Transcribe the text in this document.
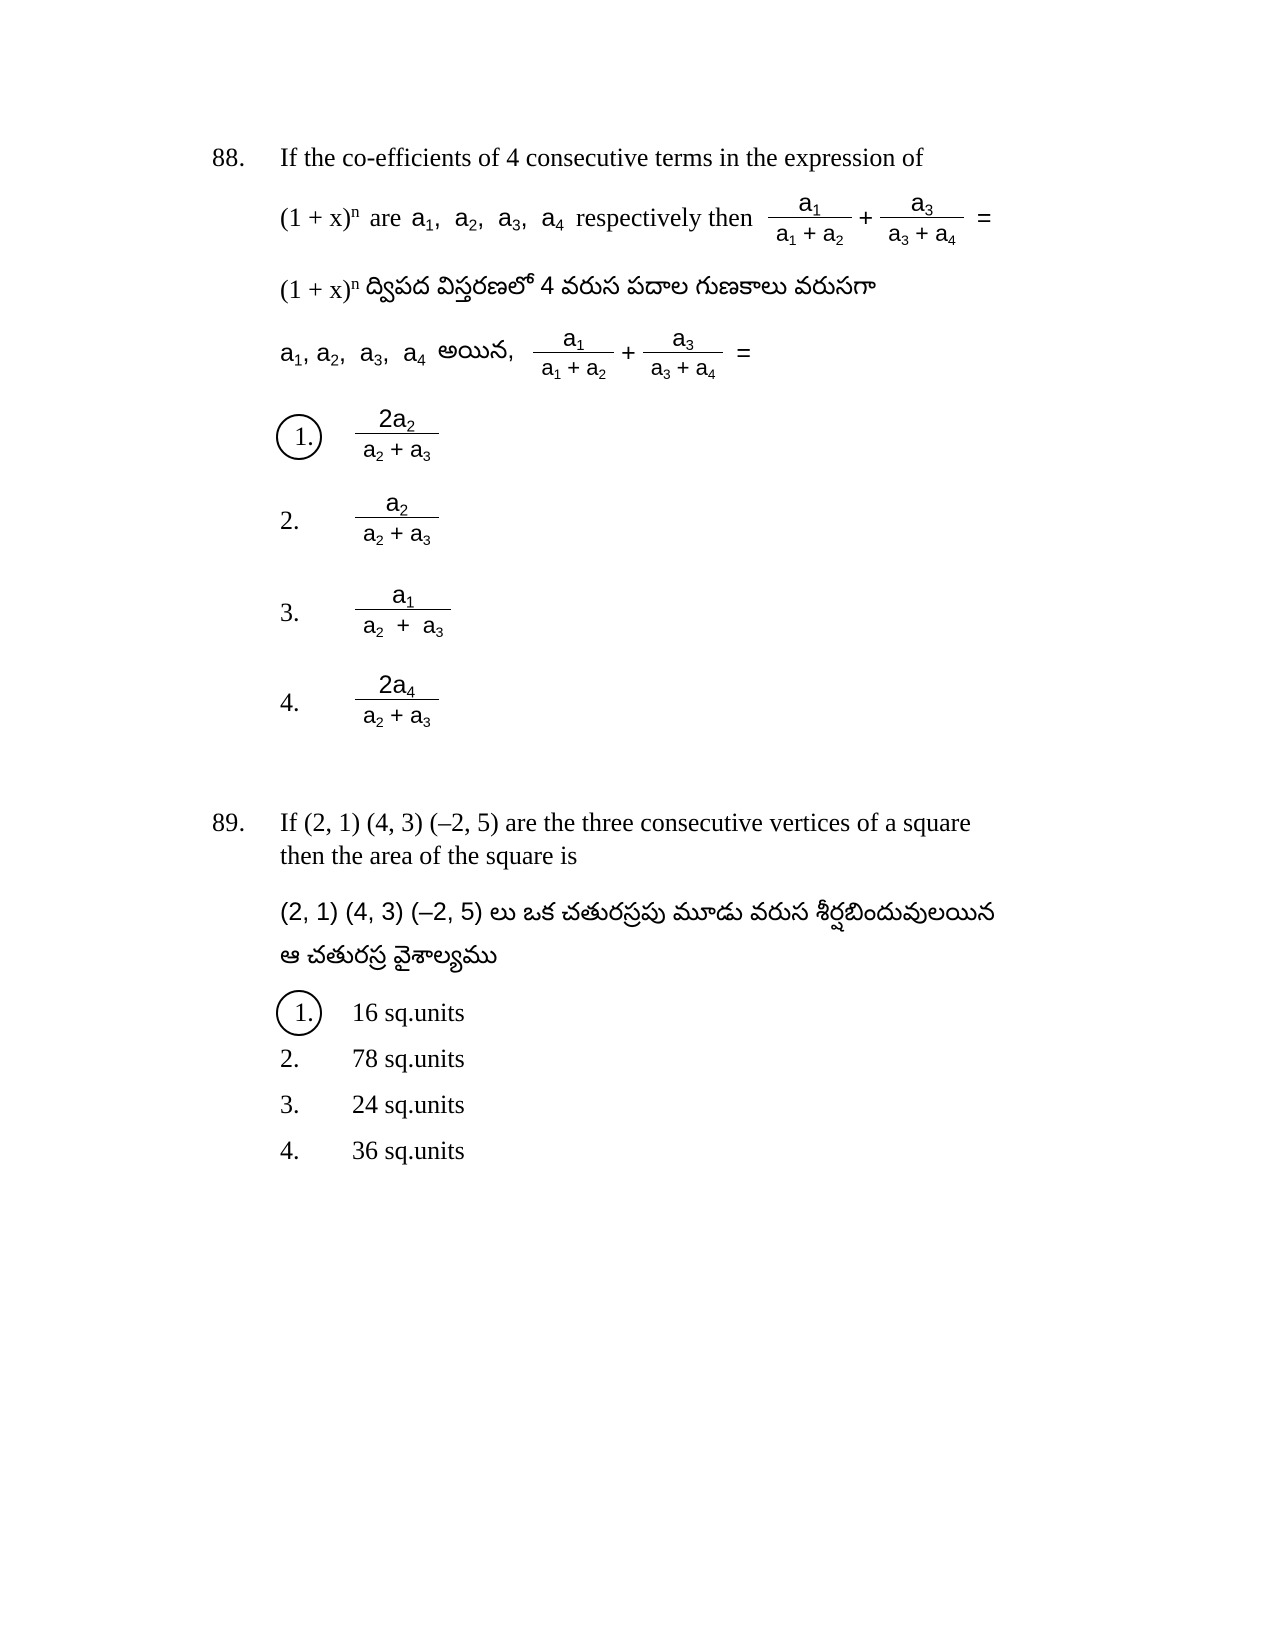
88. If the co-efficients of 4 consecutive terms in the expression of
$(1 + x)^n$ are $a_1$,  $a_2$,  $a_3$,  $a_4$ respectively then $\frac{a_1}{a_1 + a_2} + \frac{a_3}{a_3 + a_4}$ =
$(1 + x)^n$ ద్విపద విస్తరణలో 4 వరుస పదాల గుణకాలు వరుసగా
$a_1$, $a_2$,  $a_3$,  $a_4$ అయిన, $\frac{a_1}{a_1 + a_2} + \frac{a_3}{a_3 + a_4}$ =
1.	$\frac{2a_2}{a_2 + a_3}$
2.	$\frac{a_2}{a_2 + a_3}$
3.	$\frac{a_1}{a_2 + a_3}$
4.	$\frac{2a_4}{a_2 + a_3}$
89. If (2, 1) (4, 3) (–2, 5) are the three consecutive vertices of a square
then the area of the square is
(2, 1) (4, 3) (–2, 5) లు ఒక చతురస్రపు మూడు వరుస శీర్షబిందువులయిన
ఆ చతురస్ర వైశాల్యము
1.	16 sq.units
2.	78 sq.units
3.	24 sq.units
4.	36 sq.units
